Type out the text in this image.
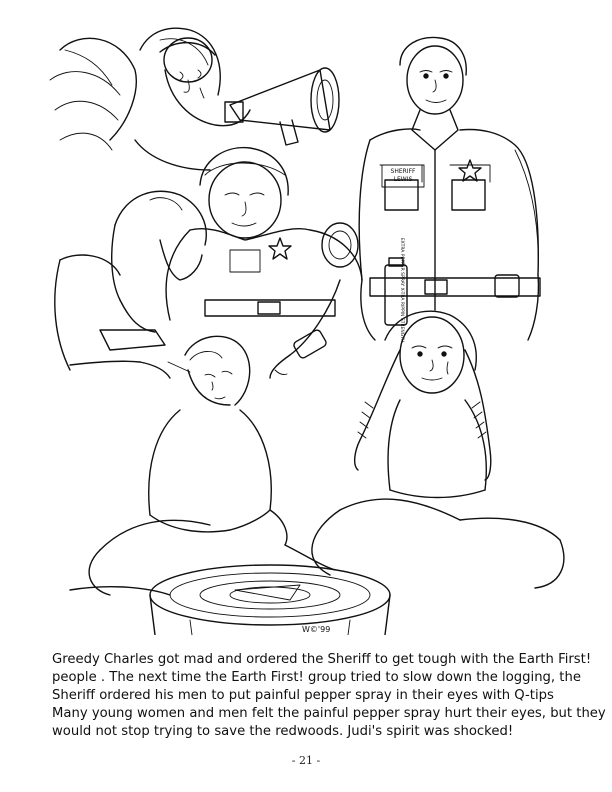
SHERIFF
LEWIS
EXTRA PEPPER SPRAY X-TRA RIPPIN STRENGTH
W©'99
Greedy Charles got mad and ordered the Sheriff to get tough with the Earth First!
people . The next time the Earth First! group tried to slow down the logging, the
Sheriff ordered his men to put painful pepper spray in their eyes with Q-tips
Many young women and men felt the painful pepper spray hurt their eyes, but they
would not stop trying to save the redwoods. Judi's spirit was shocked!
- 21 -
